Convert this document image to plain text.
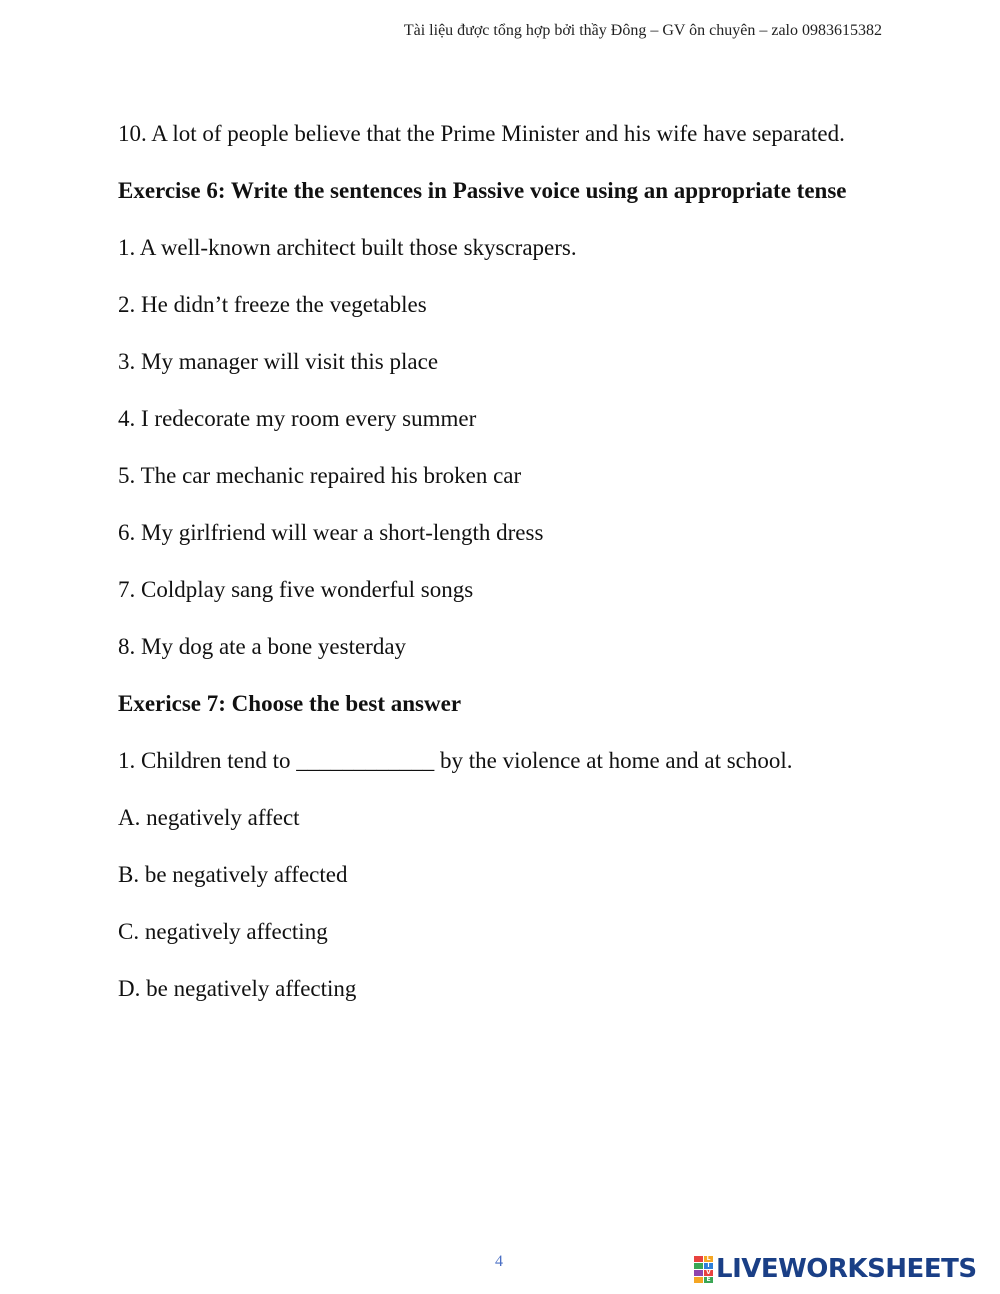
Tài liệu được tổng hợp bởi thầy Đông – GV ôn chuyên – zalo 0983615382

10. A lot of people believe that the Prime Minister and his wife have separated.

Exercise 6: Write the sentences in Passive voice using an appropriate tense

1. A well-known architect built those skyscrapers.

2. He didn’t freeze the vegetables

3. My manager will visit this place

4. I redecorate my room every summer

5. The car mechanic repaired his broken car

6. My girlfriend will wear a short-length dress

7. Coldplay sang five wonderful songs

8. My dog ate a bone yesterday

Exericse 7: Choose the best answer

1. Children tend to ____________ by the violence at home and at school.

A. negatively affect

B. be negatively affected

C. negatively affecting

D. be negatively affecting

4	L
I
V
E LIVEWORKSHEETS
